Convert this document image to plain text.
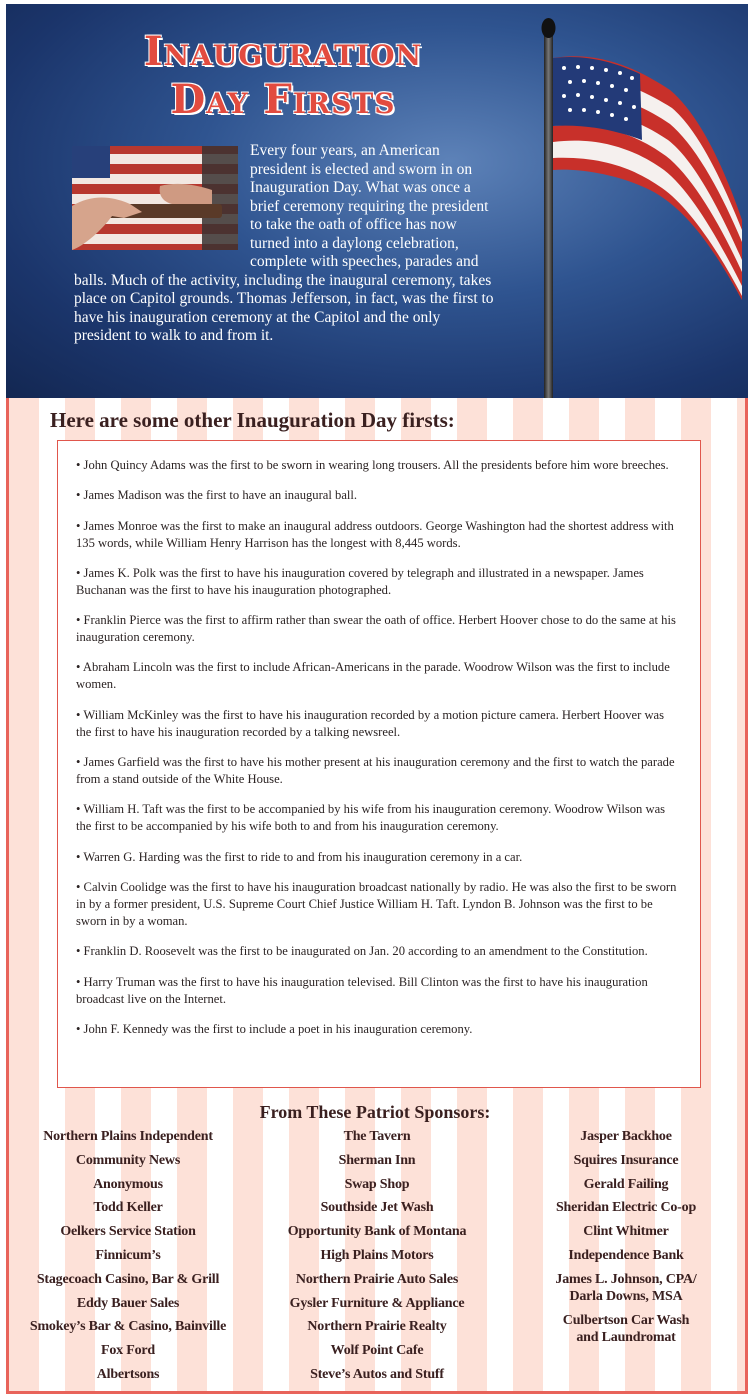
Inauguration
Day Firsts
Every four years, an American president is elected and sworn in on Inauguration Day. What was once a brief ceremony requiring the president to take the oath of office has now turned into a daylong celebration, complete with speeches, parades and balls. Much of the activity, including the inaugural ceremony, takes place on Capitol grounds. Thomas Jefferson, in fact, was the first to have his inauguration ceremony at the Capitol and the only president to walk to and from it.
Here are some other Inauguration Day firsts:
• John Quincy Adams was the first to be sworn in wearing long trousers. All the presidents before him wore breeches.
• James Madison was the first to have an inaugural ball.
• James Monroe was the first to make an inaugural address outdoors. George Washington had the shortest address with 135 words, while William Henry Harrison has the longest with 8,445 words.
• James K. Polk was the first to have his inauguration covered by telegraph and illustrated in a newspaper. James Buchanan was the first to have his inauguration photographed.
• Franklin Pierce was the first to affirm rather than swear the oath of office. Herbert Hoover chose to do the same at his inauguration ceremony.
• Abraham Lincoln was the first to include African-Americans in the parade. Woodrow Wilson was the first to include women.
• William McKinley was the first to have his inauguration recorded by a motion picture camera. Herbert Hoover was the first to have his inauguration recorded by a talking newsreel.
• James Garfield was the first to have his mother present at his inauguration ceremony and the first to watch the parade from a stand outside of the White House.
• William H. Taft was the first to be accompanied by his wife from his inauguration ceremony. Woodrow Wilson was the first to be accompanied by his wife both to and from his inauguration ceremony.
• Warren G. Harding was the first to ride to and from his inauguration ceremony in a car.
• Calvin Coolidge was the first to have his inauguration broadcast nationally by radio. He was also the first to be sworn in by a former president, U.S. Supreme Court Chief Justice William H. Taft. Lyndon B. Johnson was the first to be sworn in by a woman.
• Franklin D. Roosevelt was the first to be inaugurated on Jan. 20 according to an amendment to the Constitution.
• Harry Truman was the first to have his inauguration televised. Bill Clinton was the first to have his inauguration broadcast live on the Internet.
• John F. Kennedy was the first to include a poet in his inauguration ceremony.
From These Patriot Sponsors:
Northern Plains Independent
Community News
Anonymous
Todd Keller
Oelkers Service Station
Finnicum’s
Stagecoach Casino, Bar & Grill
Eddy Bauer Sales
Smokey’s Bar & Casino, Bainville
Fox Ford
Albertsons
The Tavern
Sherman Inn
Swap Shop
Southside Jet Wash
Opportunity Bank of Montana
High Plains Motors
Northern Prairie Auto Sales
Gysler Furniture & Appliance
Northern Prairie Realty
Wolf Point Cafe
Steve’s Autos and Stuff
Jasper Backhoe
Squires Insurance
Gerald Failing
Sheridan Electric Co-op
Clint Whitmer
Independence Bank
James L. Johnson, CPA/
Darla Downs, MSA
Culbertson Car Wash
and Laundromat
